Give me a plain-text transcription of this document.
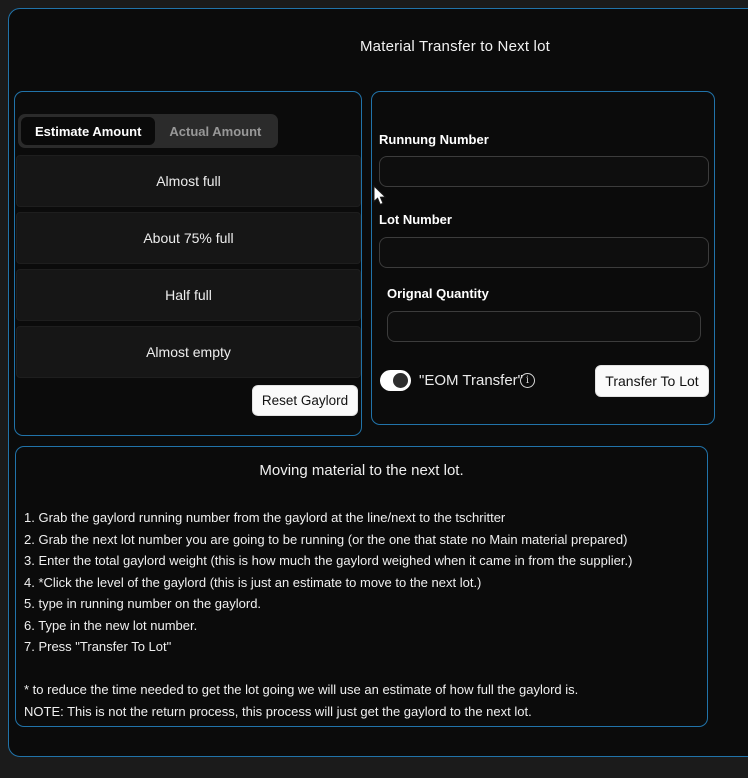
Material Transfer to Next lot
Estimate Amount	Actual Amount
Almost full
About 75% full
Half full
Almost empty
Reset Gaylord
Runnung Number
Lot Number
Orignal Quantity
"EOM Transfer" i	Transfer To Lot
Moving material to the next lot.
1. Grab the gaylord running number from the gaylord at the line/next to the tschritter
2. Grab the next lot number you are going to be running (or the one that state no Main material prepared)
3. Enter the total gaylord weight (this is how much the gaylord weighed when it came in from the supplier.)
4. *Click the level of the gaylord (this is just an estimate to move to the next lot.)
5. type in running number on the gaylord.
6. Type in the new lot number.
7. Press "Transfer To Lot"
* to reduce the time needed to get the lot going we will use an estimate of how full the gaylord is.
NOTE: This is not the return process, this process will just get the gaylord to the next lot.
